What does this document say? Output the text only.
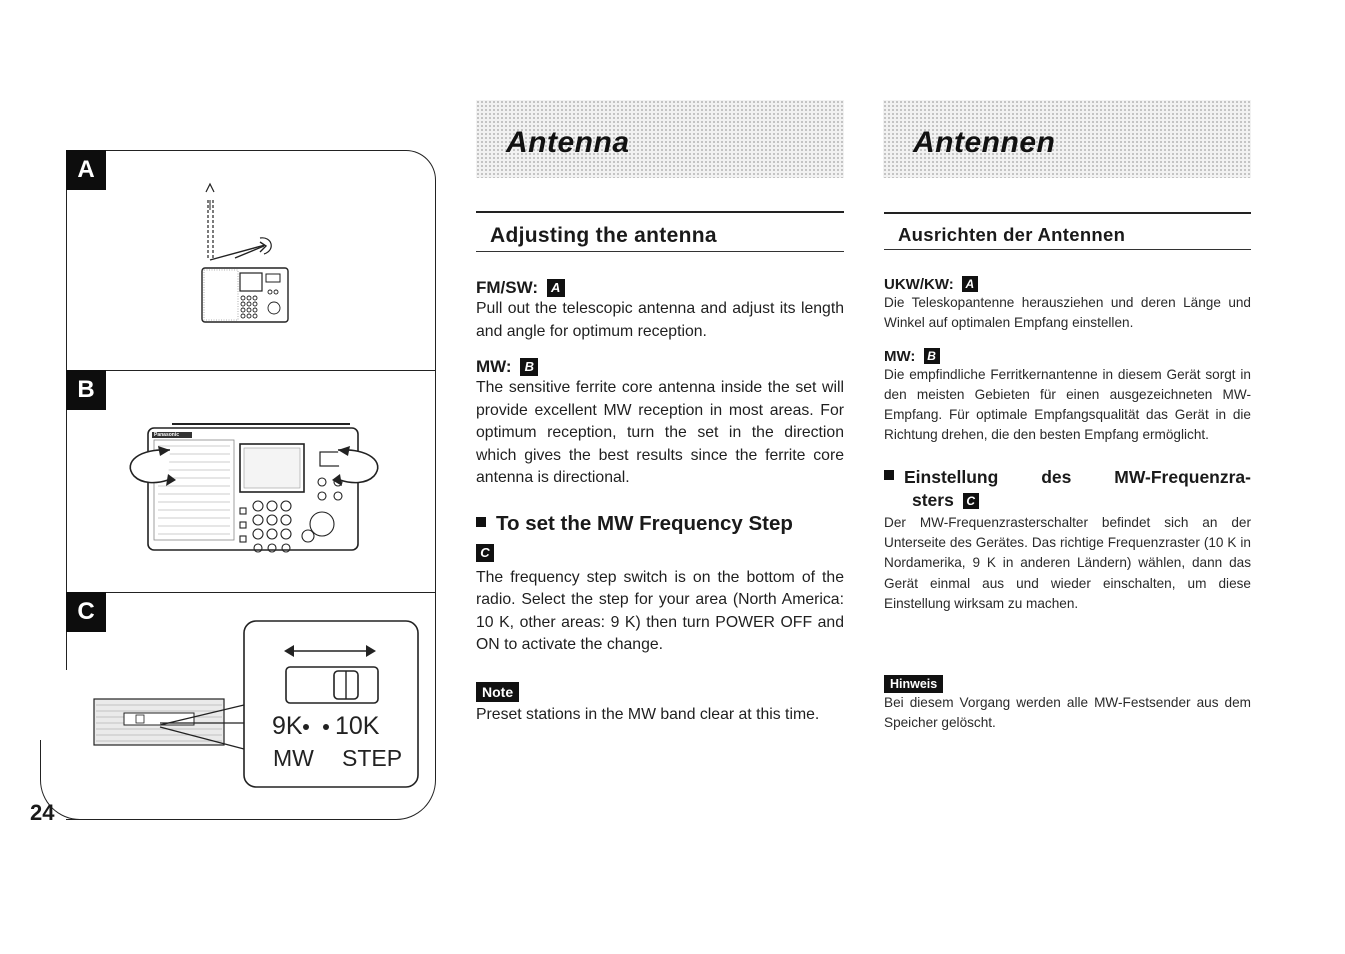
A
B
C
Panasonic
9K 10K
MW STEP
24
Antenna
Adjusting the antenna
FM/SW: A
Pull out the telescopic antenna and adjust its length and angle for optimum reception.
MW: B
The sensitive ferrite core antenna inside the set will provide excellent MW reception in most areas. For optimum reception, turn the set in the direction which gives the best results since the ferrite core antenna is directional.
To set the MW Frequency Step
C
The frequency step switch is on the bottom of the radio. Select the step for your area (North America: 10 K, other areas: 9 K) then turn POWER OFF and ON to activate the change.
Note
Preset stations in the MW band clear at this time.
Antennen
Ausrichten der Antennen
UKW/KW: A
Die Teleskopantenne herausziehen und deren Länge und Winkel auf optimalen Empfang einstellen.
MW: B
Die empfindliche Ferritkernantenne in diesem Gerät sorgt in den meisten Gebieten für einen ausgezeichneten MW-Empfang. Für optimale Empfangsqualität das Gerät in die Richtung drehen, die den besten Empfang ermöglicht.
Einstellung des MW-Frequenzra-
sters C
Der MW-Frequenzrasterschalter befindet sich an der Unterseite des Gerätes. Das richtige Frequenzraster (10 K in Nordamerika, 9 K in anderen Ländern) wählen, dann das Gerät einmal aus und wieder einschalten, um diese Einstellung wirksam zu machen.
Hinweis
Bei diesem Vorgang werden alle MW-Festsender aus dem Speicher gelöscht.
